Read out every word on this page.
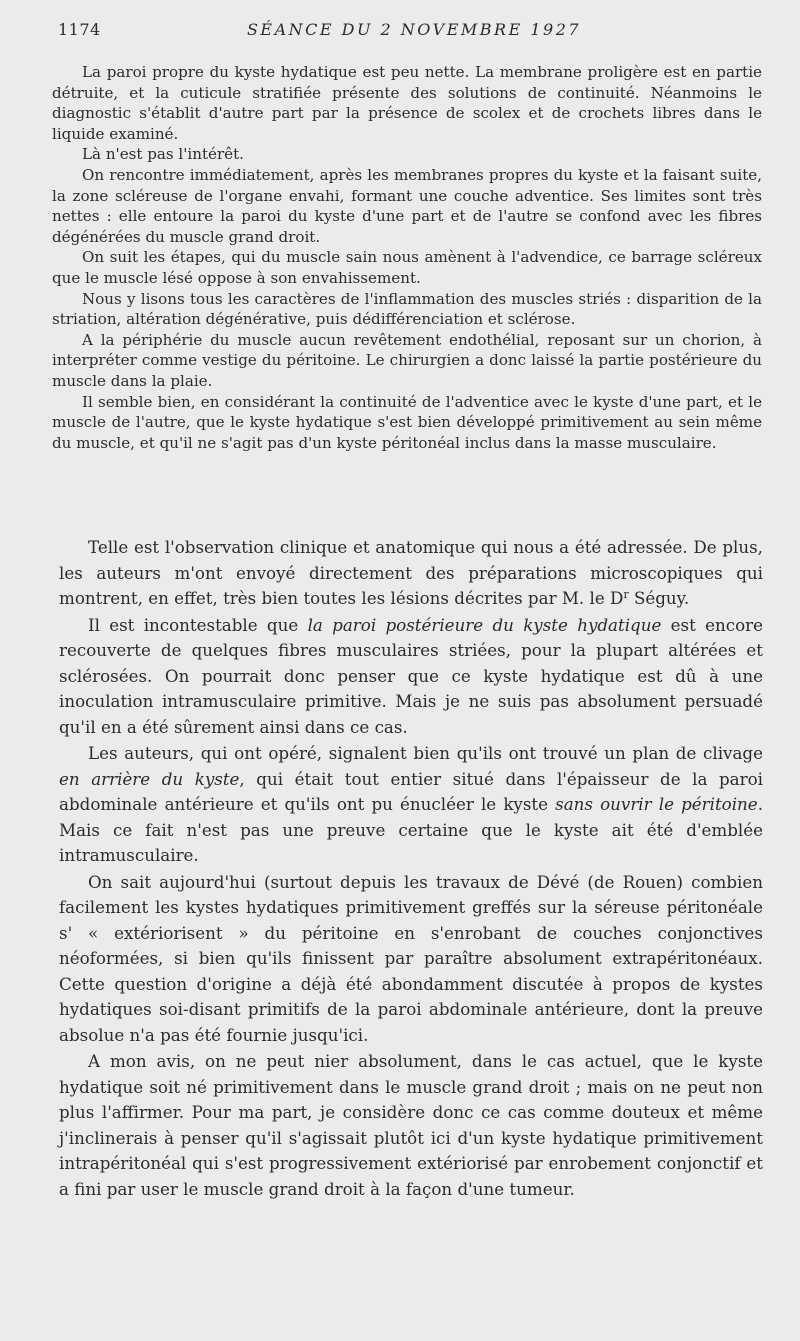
1174	SÉANCE DU 2 NOVEMBRE 1927

La paroi propre du kyste hydatique est peu nette. La membrane proligère est en partie détruite, et la cuticule stratifiée présente des solutions de continuité. Néanmoins le diagnostic s'établit d'autre part par la présence de scolex et de crochets libres dans le liquide examiné.

Là n'est pas l'intérêt.

On rencontre immédiatement, après les membranes propres du kyste et la faisant suite, la zone scléreuse de l'organe envahi, formant une couche adventice. Ses limites sont très nettes : elle entoure la paroi du kyste d'une part et de l'autre se confond avec les fibres dégénérées du muscle grand droit.

On suit les étapes, qui du muscle sain nous amènent à l'advendice, ce barrage scléreux que le muscle lésé oppose à son envahissement.

Nous y lisons tous les caractères de l'inflammation des muscles striés : disparition de la striation, altération dégénérative, puis dédifférenciation et sclérose.

A la périphérie du muscle aucun revêtement endothélial, reposant sur un chorion, à interpréter comme vestige du péritoine. Le chirurgien a donc laissé la partie postérieure du muscle dans la plaie.

Il semble bien, en considérant la continuité de l'adventice avec le kyste d'une part, et le muscle de l'autre, que le kyste hydatique s'est bien développé primitivement au sein même du muscle, et qu'il ne s'agit pas d'un kyste péritonéal inclus dans la masse musculaire.

Telle est l'observation clinique et anatomique qui nous a été adressée. De plus, les auteurs m'ont envoyé directement des préparations microscopiques qui montrent, en effet, très bien toutes les lésions décrites par M. le $D^r$ Séguy.

Il est incontestable que la paroi postérieure du kyste hydatique est encore recouverte de quelques fibres musculaires striées, pour la plupart altérées et sclérosées. On pourrait donc penser que ce kyste hydatique est dû à une inoculation intramusculaire primitive. Mais je ne suis pas absolument persuadé qu'il en a été sûrement ainsi dans ce cas.

Les auteurs, qui ont opéré, signalent bien qu'ils ont trouvé un plan de clivage en arrière du kyste, qui était tout entier situé dans l'épaisseur de la paroi abdominale antérieure et qu'ils ont pu énucléer le kyste sans ouvrir le péritoine. Mais ce fait n'est pas une preuve certaine que le kyste ait été d'emblée intramusculaire.

On sait aujourd'hui (surtout depuis les travaux de Dévé (de Rouen) combien facilement les kystes hydatiques primitivement greffés sur la séreuse péritonéale s' « extériorisent » du péritoine en s'enrobant de couches conjonctives néoformées, si bien qu'ils finissent par paraître absolument extrapéritonéaux. Cette question d'origine a déjà été abondamment discutée à propos de kystes hydatiques soi-disant primitifs de la paroi abdominale antérieure, dont la preuve absolue n'a pas été fournie jusqu'ici.

A mon avis, on ne peut nier absolument, dans le cas actuel, que le kyste hydatique soit né primitivement dans le muscle grand droit ; mais on ne peut non plus l'affirmer. Pour ma part, je considère donc ce cas comme douteux et même j'inclinerais à penser qu'il s'agissait plutôt ici d'un kyste hydatique primitivement intrapéritonéal qui s'est progressivement extériorisé par enrobement conjonctif et a fini par user le muscle grand droit à la façon d'une tumeur.
